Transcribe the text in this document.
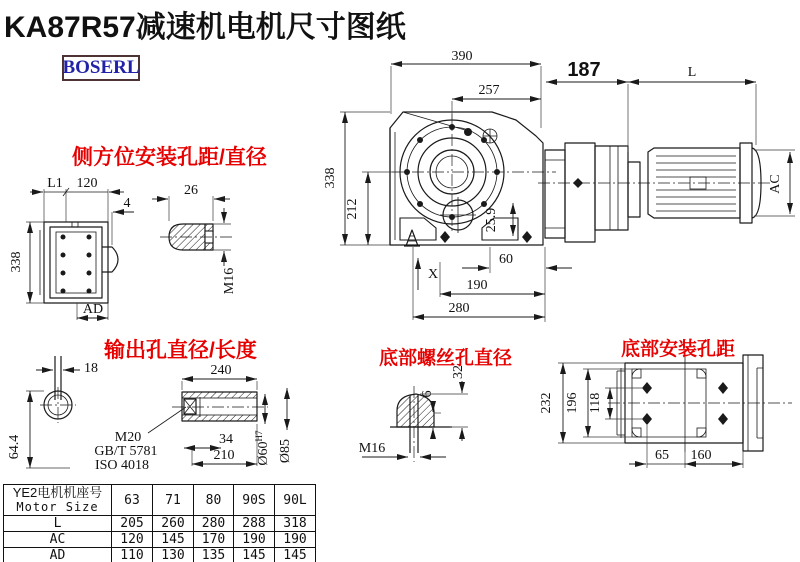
KA87R57减速机电机尺寸图纸
BOSERL
侧方位安装孔距/直径
输出孔直径/长度	底部螺丝孔直径	底部安装孔距
390
257
187	L
AC
338
212	25.9
60
190
280
X
L1 120
4
338
AD
26
M16
18
64.4
240
M20
GB/T 5781
ISO 4018
34
210 $Ø60^{H7}$
Ø85
32
6
M16
232 196 118
65 160
YE2电机机座号
Motor Size	63	71	80	90S	90L
L	205	260	280	288	318
AC	120	145	170	190	190
AD	110	130	135	145	145
